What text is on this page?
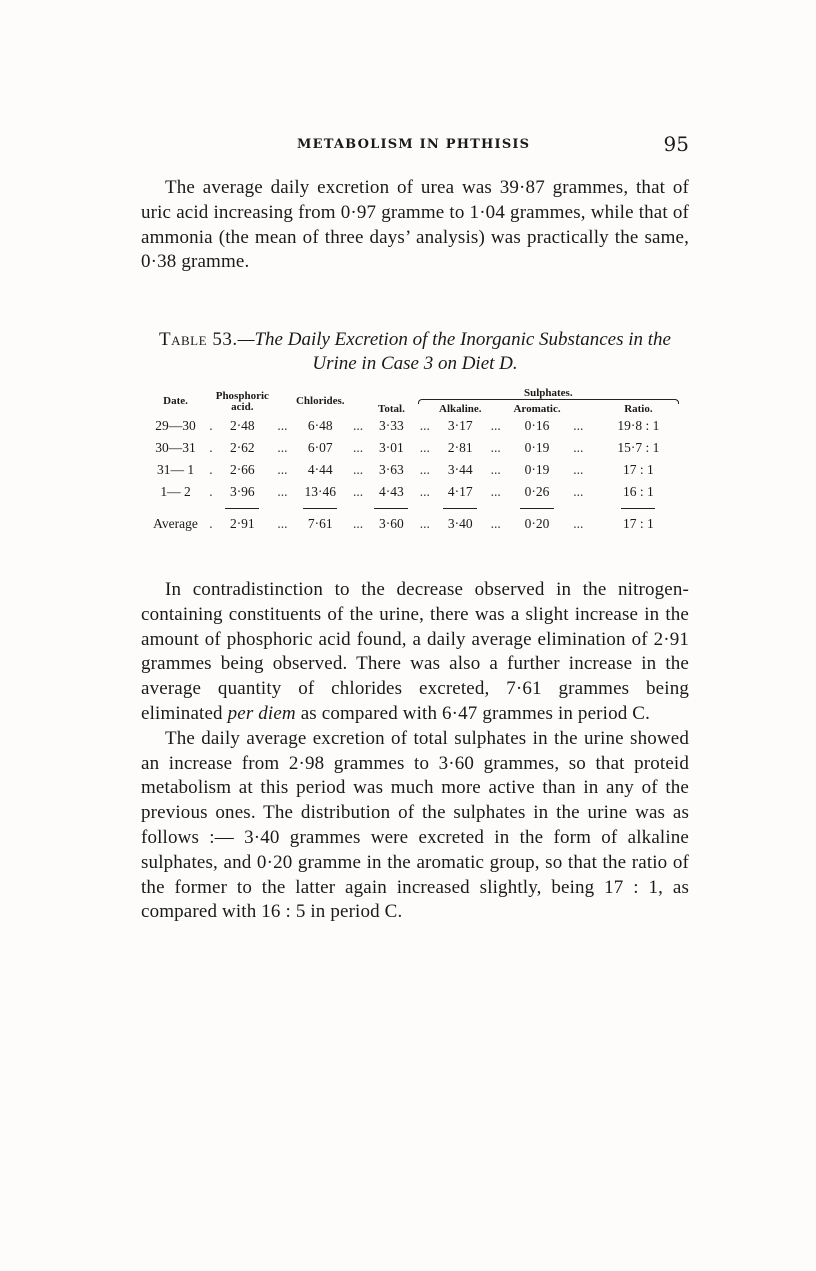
METABOLISM IN PHTHISIS	95

The average daily excretion of urea was 39·87 grammes, that of uric acid increasing from 0·97 gramme to 1·04 grammes, while that of ammonia (the mean of three days’ analysis) was practically the same, 0·38 gramme.

Table 53.—The Daily Excretion of the Inorganic Substances in the Urine in Case 3 on Diet D.
Date.		Phosphoric acid.		Chlorides.		Sulphates.						

						Total.		Alkaline.		Aromatic.		Ratio.
29—30	.	2·48	...	6·48	...	3·33	...	3·17	...	0·16	...	19·8 : 1
30—31	.	2·62	...	6·07	...	3·01	...	2·81	...	0·19	...	15·7 : 1
31— 1	.	2·66	...	4·44	...	3·63	...	3·44	...	0·19	...	17 : 1
1— 2	.	3·96	...	13·46	...	4·43	...	4·17	...	0·26	...	16 : 1

Average	.	2·91	...	7·61	...	3·60	...	3·40	...	0·20	...	17 : 1

In contradistinction to the decrease observed in the nitrogen-containing constituents of the urine, there was a slight increase in the amount of phosphoric acid found, a daily average elimination of 2·91 grammes being observed. There was also a further increase in the average quantity of chlorides excreted, 7·61 grammes being eliminated per diem as compared with 6·47 grammes in period C.

The daily average excretion of total sulphates in the urine showed an increase from 2·98 grammes to 3·60 grammes, so that proteid metabolism at this period was much more active than in any of the previous ones. The distribution of the sulphates in the urine was as follows :— 3·40 grammes were excreted in the form of alkaline sulphates, and 0·20 gramme in the aromatic group, so that the ratio of the former to the latter again increased slightly, being 17 : 1, as compared with 16 : 5 in period C.
